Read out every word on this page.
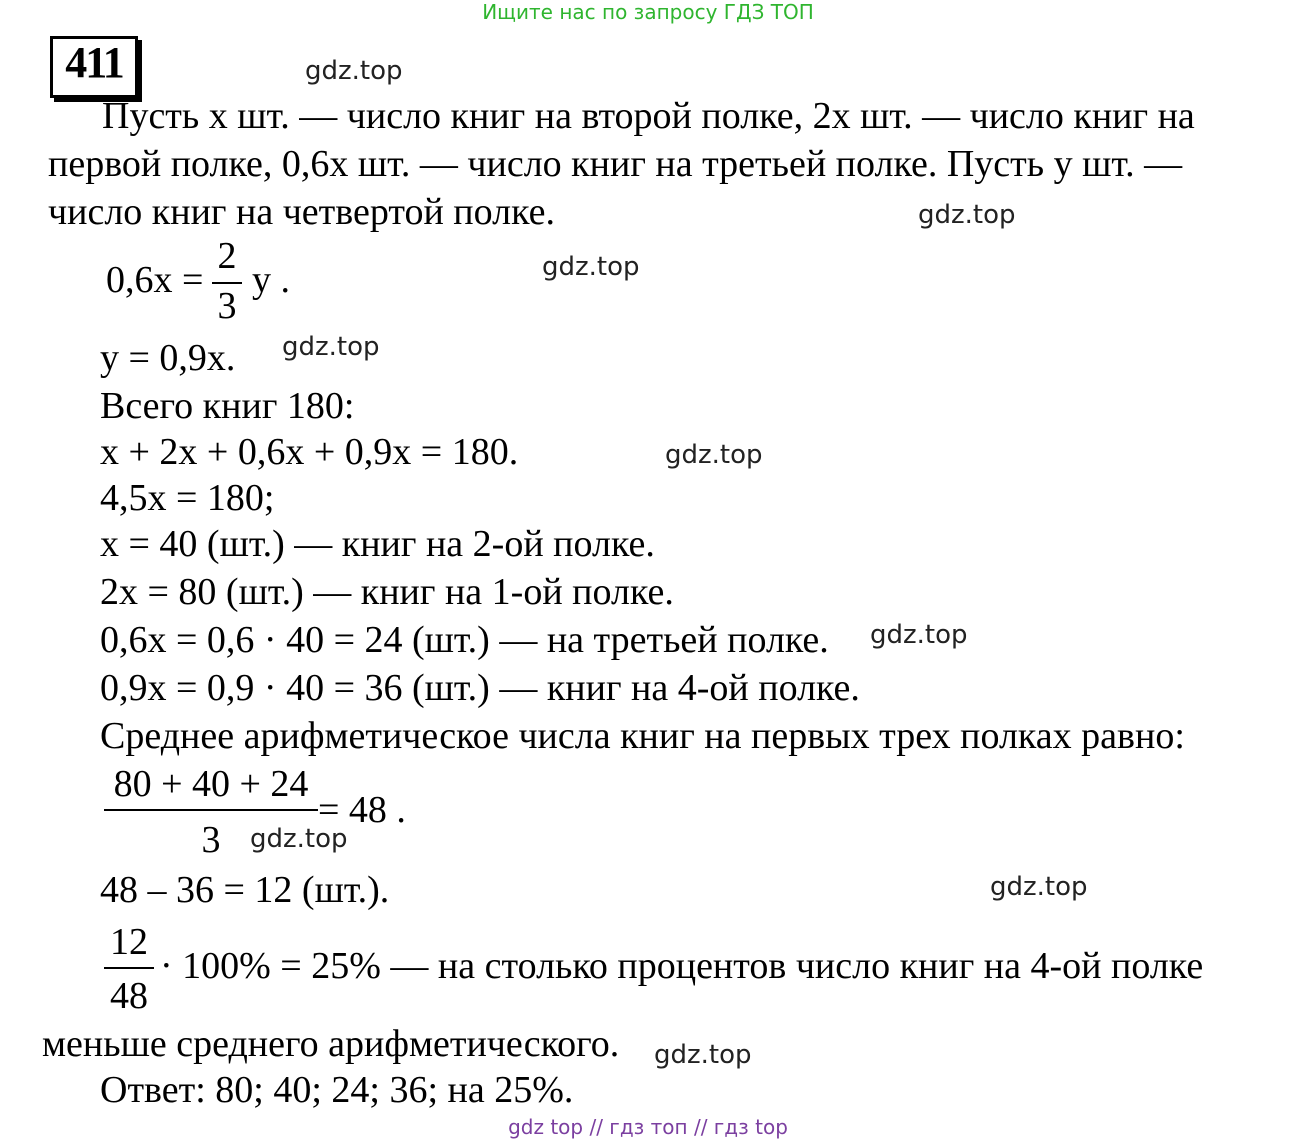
Ищите нас по запросу ГДЗ ТОП
411	gdz.top
gdz.top
gdz.top
gdz.top
gdz.top
gdz.top
gdz.top
gdz.top
gdz.top
Пусть x шт. — число книг на второй полке, 2x шт. — число книг на
первой полке, 0,6x шт. — число книг на третьей полке. Пусть y шт. —
число книг на четвертой полке.
0,6x =
2
3
y .
y = 0,9x.
Всего книг 180:
x + 2x + 0,6x + 0,9x = 180.
4,5x = 180;
x = 40 (шт.) — книг на 2-ой полке.
2x = 80 (шт.) — книг на 1-ой полке.
0,6x = 0,6 · 40 = 24 (шт.) — на третьей полке.
0,9x = 0,9 · 40 = 36 (шт.) — книг на 4-ой полке.
Среднее арифметическое числа книг на первых трех полках равно:
80 + 40 + 24
3
= 48 .
48 – 36 = 12 (шт.).
12
48
· 100% = 25% — на столько процентов число книг на 4-ой полке
меньше среднего арифметического.
Ответ: 80; 40; 24; 36; на 25%.
gdz top // гдз топ // гдз top
